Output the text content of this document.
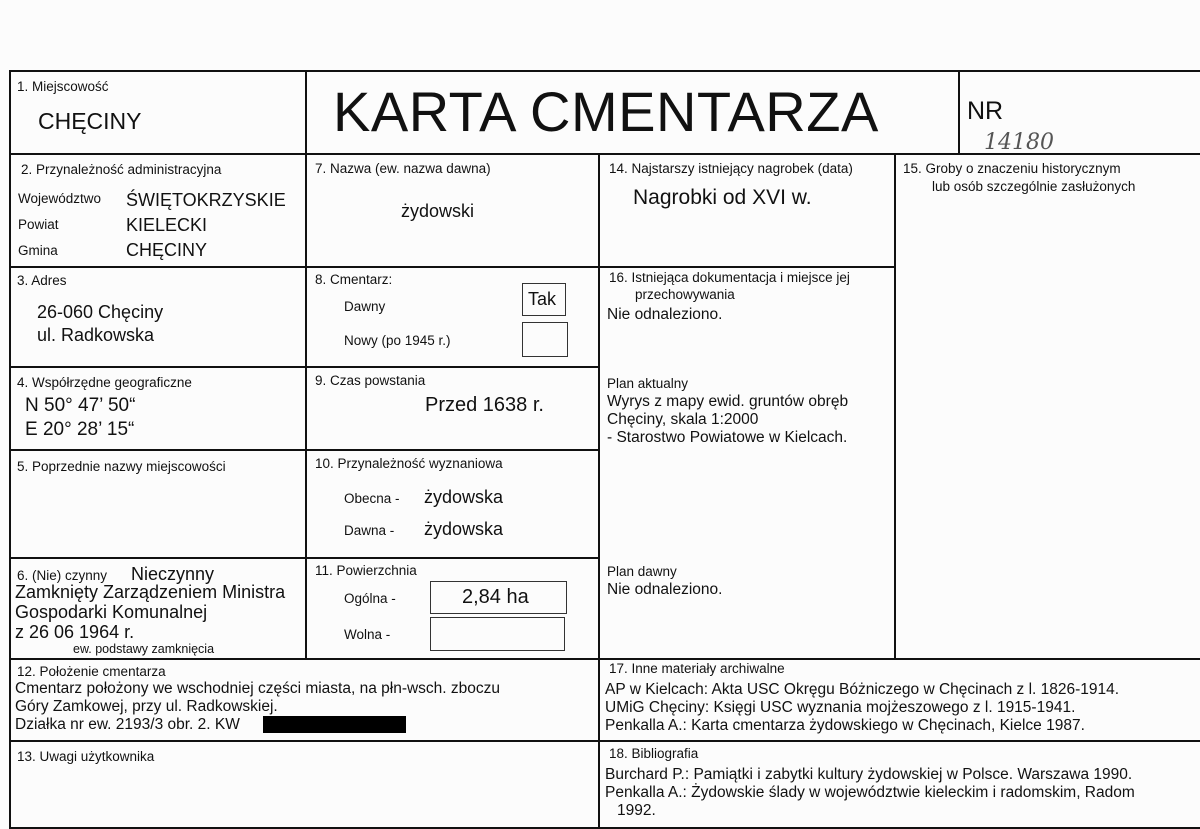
1. Miejscowość
CHĘCINY	KARTA CMENTARZA	NR
14180
2. Przynależność administracyjna
Województwo ŚWIĘTOKRZYSKIE
Powiat	KIELECKI
Gmina	CHĘCINY
3. Adres
26-060 Chęciny
ul. Radkowska
4. Współrzędne geograficzne
N 50° 47’ 50“
E 20° 28’ 15“
5. Poprzednie nazwy miejscowości
6. (Nie) czynny Nieczynny
Zamknięty Zarządzeniem Ministra
Gospodarki Komunalnej
z 26 06 1964 r.
ew. podstawy zamknięcia
7. Nazwa (ew. nazwa dawna)
żydowski
8. Cmentarz:
Dawny	Tak
Nowy (po 1945 r.)
9. Czas powstania
Przed 1638 r.
10. Przynależność wyznaniowa
Obecna - żydowska
Dawna - żydowska
11. Powierzchnia
Ogólna -	2,84 ha
Wolna -
12. Położenie cmentarza
Cmentarz położony we wschodniej części miasta, na płn-wsch. zboczu
Góry Zamkowej, przy ul. Radkowskiej.
Działka nr ew. 2193/3 obr. 2. KW
13. Uwagi użytkownika
14. Najstarszy istniejący nagrobek (data)
Nagrobki od XVI w.
15. Groby o znaczeniu historycznym
lub osób szczególnie zasłużonych
16. Istniejąca dokumentacja i miejsce jej
przechowywania
Nie odnaleziono.
Plan aktualny
Wyrys z mapy ewid. gruntów obręb
Chęciny, skala 1:2000
- Starostwo Powiatowe w Kielcach.
Plan dawny
Nie odnaleziono.
17. Inne materiały archiwalne
AP w Kielcach: Akta USC Okręgu Bóżniczego w Chęcinach z l. 1826-1914.
UMiG Chęciny: Księgi USC wyznania mojżeszowego z l. 1915-1941.
Penkalla A.: Karta cmentarza żydowskiego w Chęcinach, Kielce 1987.
18. Bibliografia
Burchard P.: Pamiątki i zabytki kultury żydowskiej w Polsce. Warszawa 1990.
Penkalla A.: Żydowskie ślady w województwie kieleckim i radomskim, Radom
1992.
